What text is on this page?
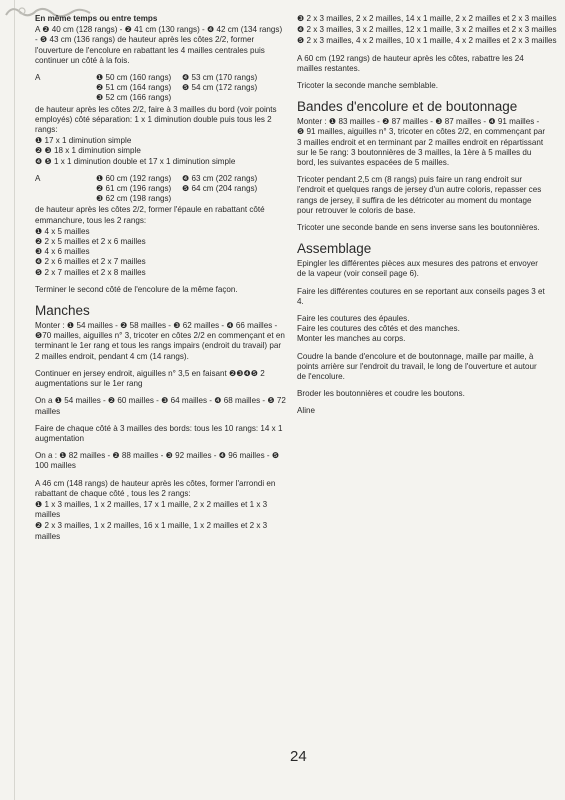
En même temps ou entre temps
A ❷ 40 cm (128 rangs) - ❷ 41 cm (130 rangs) - ❹ 42 cm (134 rangs) - ❺ 43 cm (136 rangs) de hauteur après les côtes 2/2, former l'ouverture de l'encolure en rabattant les 4 mailles centrales puis continuer un côté à la fois.
A	❶ 50 cm (160 rangs)
❷ 51 cm (164 rangs)
❸ 52 cm (166 rangs)
❹ 53 cm (170 rangs)
❺ 54 cm (172 rangs)
de hauteur après les côtes 2/2, faire à 3 mailles du bord (voir points employés) côté séparation: 1 x 1 diminution double puis tous les 2 rangs:
❶ 17 x 1 diminution simple
❷ ❸ 18 x 1 diminution simple
❹ ❺ 1 x 1 diminution double et 17 x 1 diminution simple
A	❶ 60 cm (192 rangs)
❷ 61 cm (196 rangs)
❸ 62 cm (198 rangs)
❹ 63 cm (202 rangs)
❺ 64 cm (204 rangs)
de hauteur après les côtes 2/2, former l'épaule en rabattant côté emmanchure, tous les 2 rangs:
❶ 4 x 5 mailles
❷ 2 x 5 mailles et 2 x 6 mailles
❸ 4 x 6 mailles
❹ 2 x 6 mailles et 2 x 7 mailles
❺ 2 x 7 mailles et 2 x 8 mailles
Terminer le second côté de l'encolure de la même façon.
Manches
Monter : ❶ 54 mailles - ❷ 58 mailles - ❸ 62 mailles - ❹ 66 mailles - ❺70 mailles, aiguilles n° 3, tricoter en côtes 2/2 en commençant et en terminant le 1er rang et tous les rangs impairs (endroit du travail) par 2 mailles endroit, pendant 4 cm (14 rangs).
Continuer en jersey endroit, aiguilles n° 3,5 en faisant ❷❸❹❺ 2 augmentations sur le 1er rang
On a ❶ 54 mailles - ❷ 60 mailles - ❸ 64 mailles - ❹ 68 mailles - ❺ 72 mailles
Faire de chaque côté à 3 mailles des bords: tous les 10 rangs: 14 x 1 augmentation
On a : ❶ 82 mailles - ❷ 88 mailles - ❸ 92 mailles - ❹ 96 mailles - ❺ 100 mailles
A 46 cm (148 rangs) de hauteur après les côtes, former l'arrondi en rabattant de chaque côté , tous les 2 rangs:
❶ 1 x 3 mailles, 1 x 2 mailles, 17 x 1 maille, 2 x 2 mailles et 1 x 3 mailles
❷ 2 x 3 mailles, 1 x 2 mailles, 16 x 1 maille, 1 x 2 mailles et 2 x 3 mailles
❸ 2 x 3 mailles, 2 x 2 mailles, 14 x 1 maille, 2 x 2 mailles et 2 x 3 mailles
❹ 2 x 3 mailles, 3 x 2 mailles, 12 x 1 maille, 3 x 2 mailles et 2 x 3 mailles
❺ 2 x 3 mailles, 4 x 2 mailles, 10 x 1 maille, 4 x 2 mailles et 2 x 3 mailles
A 60 cm (192 rangs) de hauteur après les côtes, rabattre les 24 mailles restantes.
Tricoter la seconde manche semblable.
Bandes d'encolure et de boutonnage
Monter : ❶ 83 mailles - ❷ 87 mailles - ❸ 87 mailles - ❹ 91 mailles - ❺ 91 mailles, aiguilles n° 3, tricoter en côtes 2/2, en commençant par 3 mailles endroit et en terminant par 2 mailles endroit en répartissant sur le 5e rang: 3 boutonnières de 3 mailles, la 1ère à 5 mailles du bord, les suivantes espacées de 5 mailles.
Tricoter pendant 2,5 cm (8 rangs) puis faire un rang endroit sur l'endroit et quelques rangs de jersey d'un autre coloris, repasser ces rangs de jersey, il suffira de les détricoter au moment du montage pour retrouver le coloris de base.
Tricoter une seconde bande en sens inverse sans les boutonnières.
Assemblage
Epingler les différentes pièces aux mesures des patrons et envoyer de la vapeur (voir conseil page 6).
Faire les différentes coutures en se reportant aux conseils pages 3 et 4.
Faire les coutures des épaules.
Faire les coutures des côtés et des manches.
Monter les manches au corps.
Coudre la bande d'encolure et de boutonnage, maille par maille, à points arrière sur l'endroit du travail, le long de l'ouverture et autour de l'encolure.
Broder les boutonnières et coudre les boutons.
Aline
24
